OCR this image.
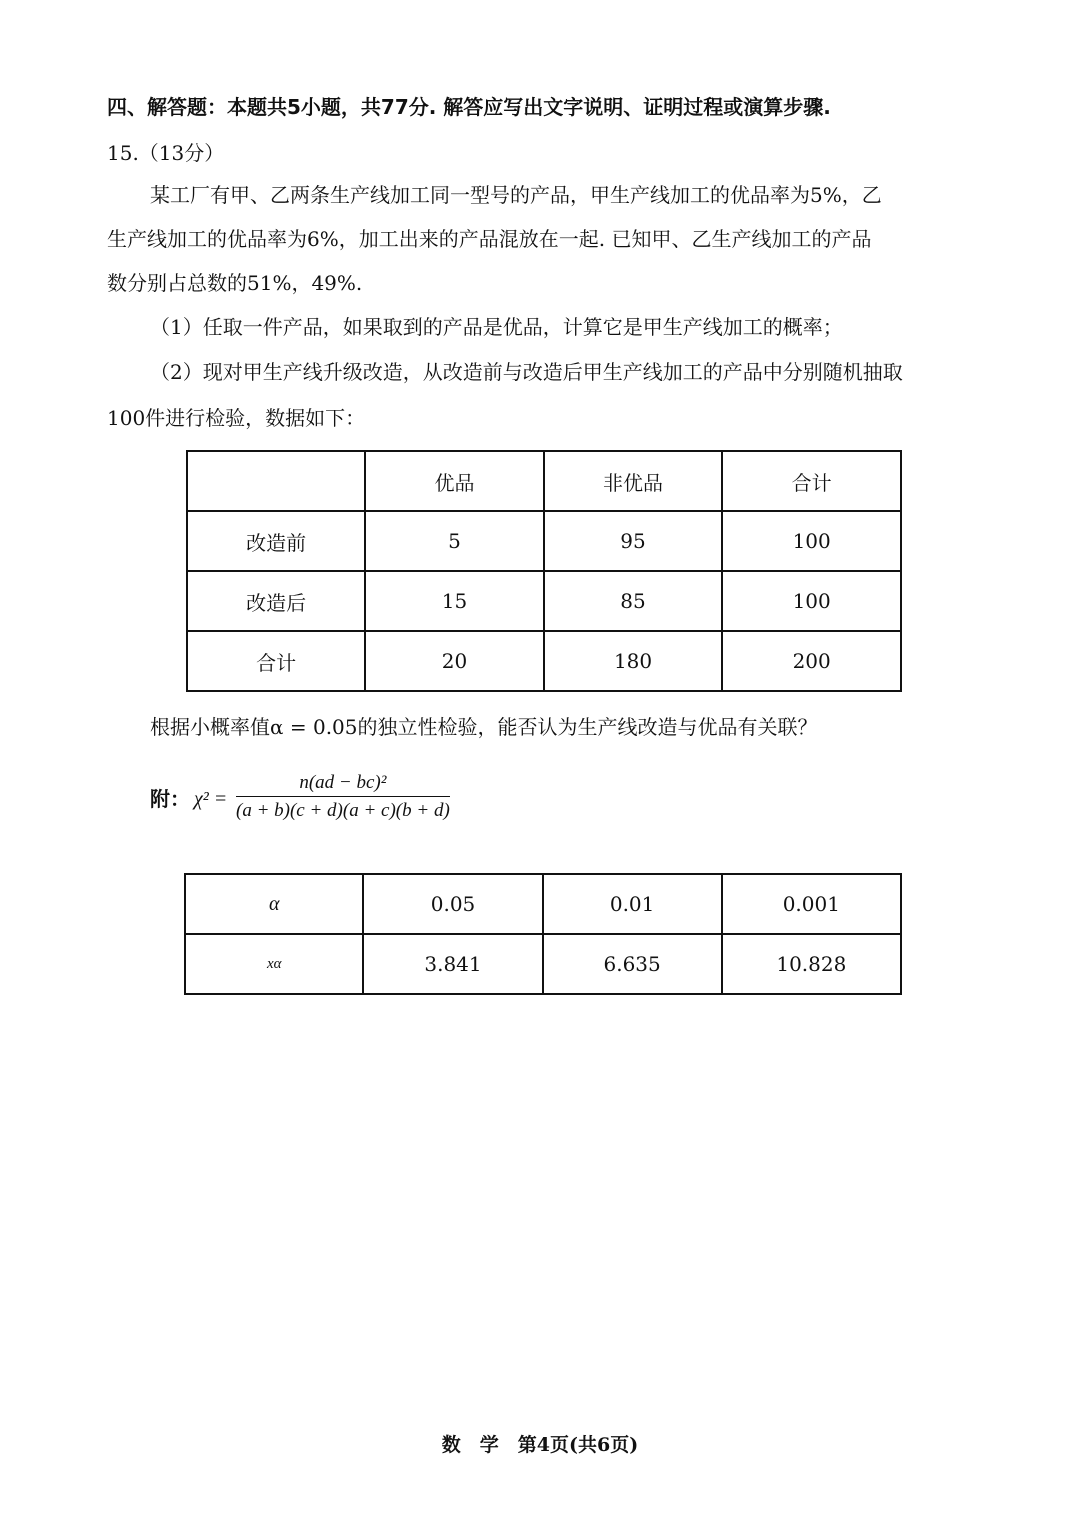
四、解答题：本题共5小题，共77分. 解答应写出文字说明、证明过程或演算步骤.
15.（13分）
某工厂有甲、乙两条生产线加工同一型号的产品，甲生产线加工的优品率为5%，乙
生产线加工的优品率为6%，加工出来的产品混放在一起. 已知甲、乙生产线加工的产品
数分别占总数的51%，49%.
（1）任取一件产品，如果取到的产品是优品，计算它是甲生产线加工的概率；
（2）现对甲生产线升级改造，从改造前与改造后甲生产线加工的产品中分别随机抽取
100件进行检验，数据如下：
	优品	非优品	合计
改造前	5	95	100
改造后	15	85	100
合计	20	180	200
根据小概率值α = 0.05的独立性检验，能否认为生产线改造与优品有关联？
附： $\chi^2 = \frac{\text{n(ad − bc)²}}{(a + b)(c + d)(a + c)(b + d)}$
α	0.05	0.01	0.001
xα	3.841	6.635	10.828
数　学　第4页(共6页)
